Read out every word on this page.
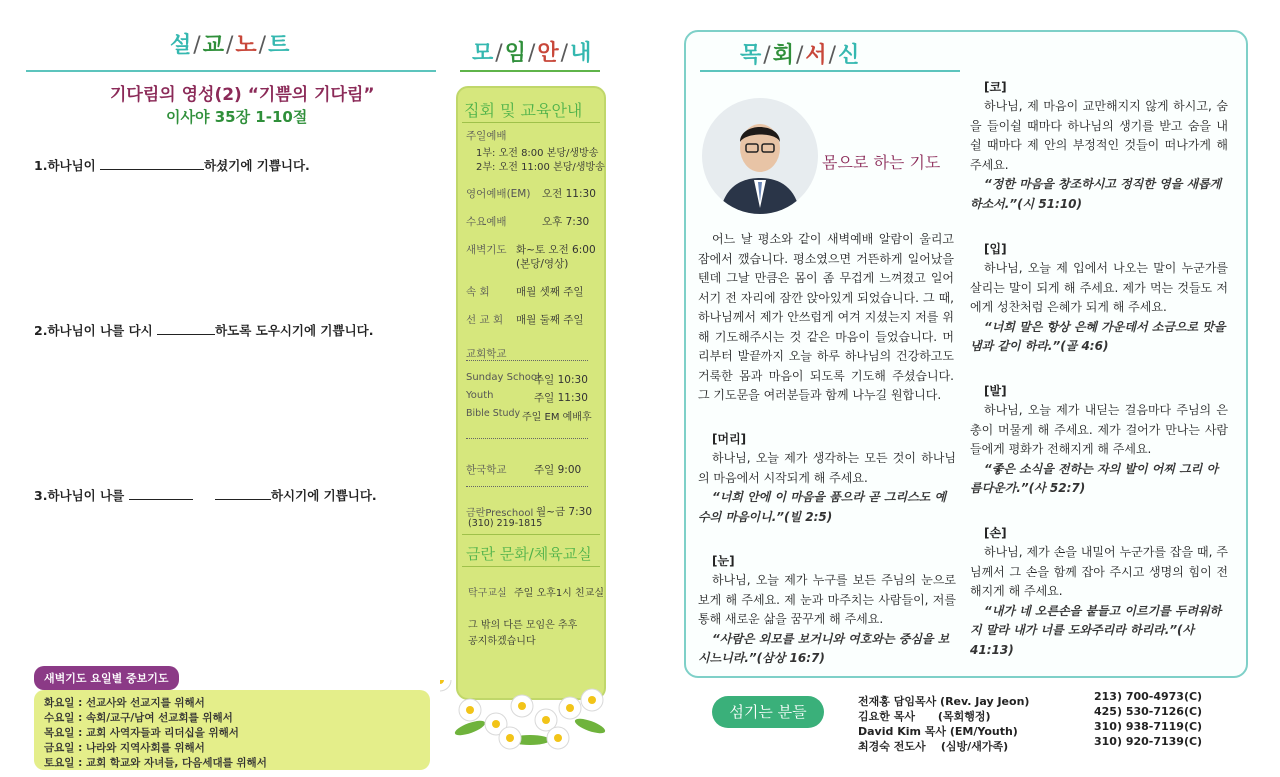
설/교/노/트
기다림의 영성(2) “기쁨의 기다림”
이사야 35장 1-10절
1.하나님이	하셨기에 기쁩니다.
2.하나님이 나를 다시	하도록 도우시기에 기쁩니다.
3.하나님이 나를	하시기에 기쁩니다.
새벽기도 요일별 중보기도
화요일 : 선교사와 선교지를 위해서
수요일 : 속회/교구/남여 선교회를 위해서
목요일 : 교회 사역자들과 리더십을 위해서
금요일 : 나라와 지역사회를 위해서
토요일 : 교회 학교와 자녀들, 다음세대를 위해서
모/임/안/내
집회 및 교육안내
주일예배
1부: 오전 8:00 본당/생방송
2부: 오전 11:00 본당/생방송
영어예배(EM) 오전 11:30
수요예배	오후 7:30
새벽기도 화~토 오전 6:00
(본당/영상)
속 회	매월 셋째 주일
선 교 회 매월 둘째 주일
교회학교
Sunday School
주일 10:30
Youth	주일 11:30
Bible Study 주일 EM 예배후
한국학교	주일 9:00
금란Preschool 월~금 7:30
(310) 219-1815
금란 문화/체육교실
탁구교실 주일 오후1시 친교실
그 밖의 다른 모임은 추후
공지하겠습니다
목/회/서/신
몸으로 하는 기도
어느 날 평소와 같이 새벽예배 알람이 울리고 잠에서 깼습니다. 평소였으면 거뜬하게 일어났을 텐데 그날 만큼은 몸이 좀 무겁게 느껴졌고 일어서기 전 자리에 잠깐 앉아있게 되었습니다. 그 때, 하나님께서 제가 안쓰럽게 여겨 지셨는지 저를 위해 기도해주시는 것 같은 마음이 들었습니다. 머리부터 발끝까지 오늘 하루 하나님의 건강하고도 거룩한 몸과 마음이 되도록 기도해 주셨습니다. 그 기도문을 여러분들과 함께 나누길 원합니다.
[머리]
하나님, 오늘 제가 생각하는 모든 것이 하나님의 마음에서 시작되게 해 주세요.
“너희 안에 이 마음을 품으라 곧 그리스도 예수의 마음이니.”(빌 2:5)
[눈]
하나님, 오늘 제가 누구를 보든 주님의 눈으로 보게 해 주세요. 제 눈과 마주치는 사람들이, 저를 통해 새로운 삶을 꿈꾸게 해 주세요.
“사람은 외모를 보거니와 여호와는 중심을 보시느니라.”(삼상 16:7)
[코]
하나님, 제 마음이 교만해지지 않게 하시고, 숨을 들이쉴 때마다 하나님의 생기를 받고 숨을 내쉴 때마다 제 안의 부정적인 것들이 떠나가게 해 주세요.
“정한 마음을 창조하시고 정직한 영을 새롭게 하소서.”(시 51:10)
[입]
하나님, 오늘 제 입에서 나오는 말이 누군가를 살리는 말이 되게 해 주세요. 제가 먹는 것들도 저에게 성찬처럼 은혜가 되게 해 주세요.
“너희 말은 항상 은혜 가운데서 소금으로 맛을 냄과 같이 하라.”(골 4:6)
[발]
하나님, 오늘 제가 내딛는 걸음마다 주님의 은총이 머물게 해 주세요. 제가 걸어가 만나는 사람들에게 평화가 전해지게 해 주세요.
“좋은 소식을 전하는 자의 발이 어찌 그리 아름다운가.”(사 52:7)
[손]
하나님, 제가 손을 내밀어 누군가를 잡을 때, 주님께서 그 손을 함께 잡아 주시고 생명의 힘이 전해지게 해 주세요.
“내가 네 오른손을 붙들고 이르기를 두려워하지 말라 내가 너를 도와주리라 하리라.”(사 41:13)
섬기는 분들
전재홍 담임목사 (Rev. Jay Jeon)	213) 700-4973(C)
김요한 목사      (목회행정)	425) 530-7126(C)
David Kim 목사 (EM/Youth)	310) 938-7119(C)
최경숙 전도사    (심방/새가족)	310) 920-7139(C)
